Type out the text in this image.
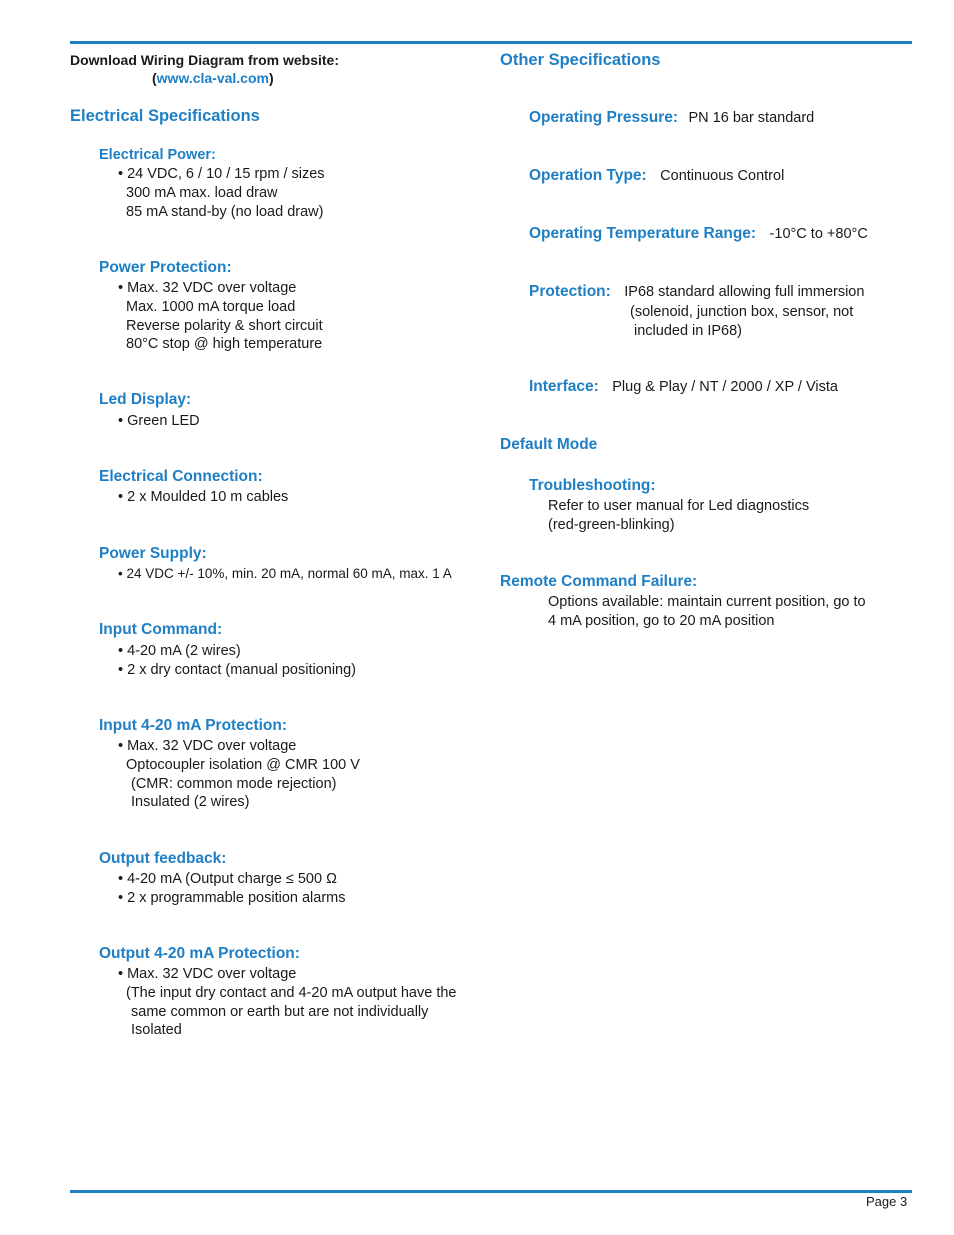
Download Wiring Diagram from website:
(www.cla-val.com)
Electrical Specifications
Electrical Power:
• 24 VDC, 6 / 10 / 15 rpm / sizes
300 mA max. load draw
85 mA stand-by (no load draw)
Power Protection:
• Max. 32 VDC over voltage
Max. 1000 mA torque load
Reverse polarity & short circuit
80°C stop @ high temperature
Led Display:
• Green LED
Electrical Connection:
• 2 x Moulded 10 m cables
Power Supply:
• 24 VDC +/- 10%, min. 20 mA, normal 60 mA, max. 1 A
Input Command:
• 4-20 mA (2 wires)
• 2 x dry contact (manual positioning)
Input 4-20 mA Protection:
• Max. 32 VDC over voltage
Optocoupler isolation @ CMR 100 V
(CMR: common mode rejection)
Insulated (2 wires)
Output feedback:
• 4-20 mA (Output charge ≤ 500 Ω
• 2 x programmable position alarms
Output 4-20 mA Protection:
• Max. 32 VDC over voltage
(The input dry contact and 4-20 mA output have the
same common or earth but are not individually
Isolated
Other Specifications
Operating Pressure: PN 16 bar standard
Operation Type: Continuous Control
Operating Temperature Range: -10°C to +80°C
Protection: IP68 standard allowing full immersion
(solenoid, junction box, sensor, not
included in IP68)
Interface: Plug & Play / NT / 2000 / XP / Vista
Default Mode
Troubleshooting:
Refer to user manual for Led diagnostics
(red-green-blinking)
Remote Command Failure:
Options available: maintain current position, go to
4 mA position, go to 20 mA position
Page 3
